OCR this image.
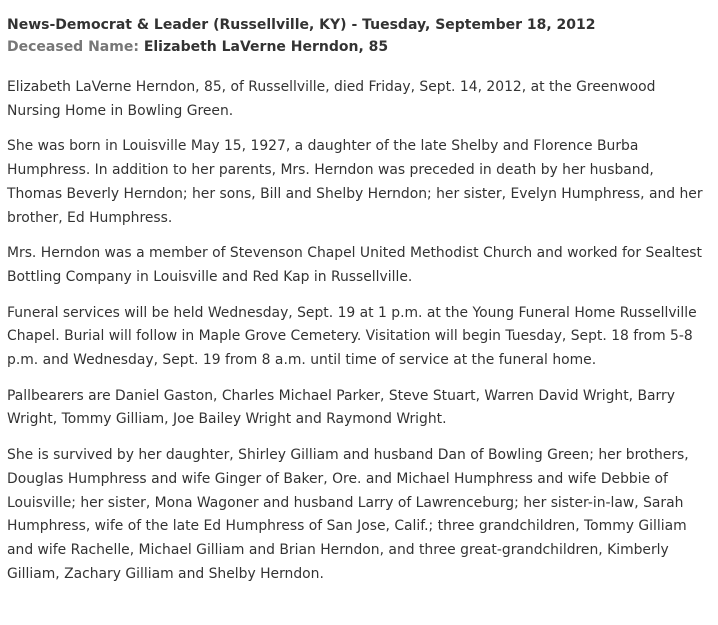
News-Democrat & Leader (Russellville, KY) - Tuesday, September 18, 2012
Deceased Name: Elizabeth LaVerne Herndon, 85

Elizabeth LaVerne Herndon, 85, of Russellville, died Friday, Sept. 14, 2012, at the Greenwood Nursing Home in Bowling Green.

She was born in Louisville May 15, 1927, a daughter of the late Shelby and Florence Burba Humphress. In addition to her parents, Mrs. Herndon was preceded in death by her husband, Thomas Beverly Herndon; her sons, Bill and Shelby Herndon; her sister, Evelyn Humphress, and her brother, Ed Humphress.

Mrs. Herndon was a member of Stevenson Chapel United Methodist Church and worked for Sealtest Bottling Company in Louisville and Red Kap in Russellville.

Funeral services will be held Wednesday, Sept. 19 at 1 p.m. at the Young Funeral Home Russellville Chapel. Burial will follow in Maple Grove Cemetery. Visitation will begin Tuesday, Sept. 18 from 5-8 p.m. and Wednesday, Sept. 19 from 8 a.m. until time of service at the funeral home.

Pallbearers are Daniel Gaston, Charles Michael Parker, Steve Stuart, Warren David Wright, Barry Wright, Tommy Gilliam, Joe Bailey Wright and Raymond Wright.

She is survived by her daughter, Shirley Gilliam and husband Dan of Bowling Green; her brothers, Douglas Humphress and wife Ginger of Baker, Ore. and Michael Humphress and wife Debbie of Louisville; her sister, Mona Wagoner and husband Larry of Lawrenceburg; her sister-in-law, Sarah Humphress, wife of the late Ed Humphress of San Jose, Calif.; three grandchildren, Tommy Gilliam and wife Rachelle, Michael Gilliam and Brian Herndon, and three great-grandchildren, Kimberly Gilliam, Zachary Gilliam and Shelby Herndon.
